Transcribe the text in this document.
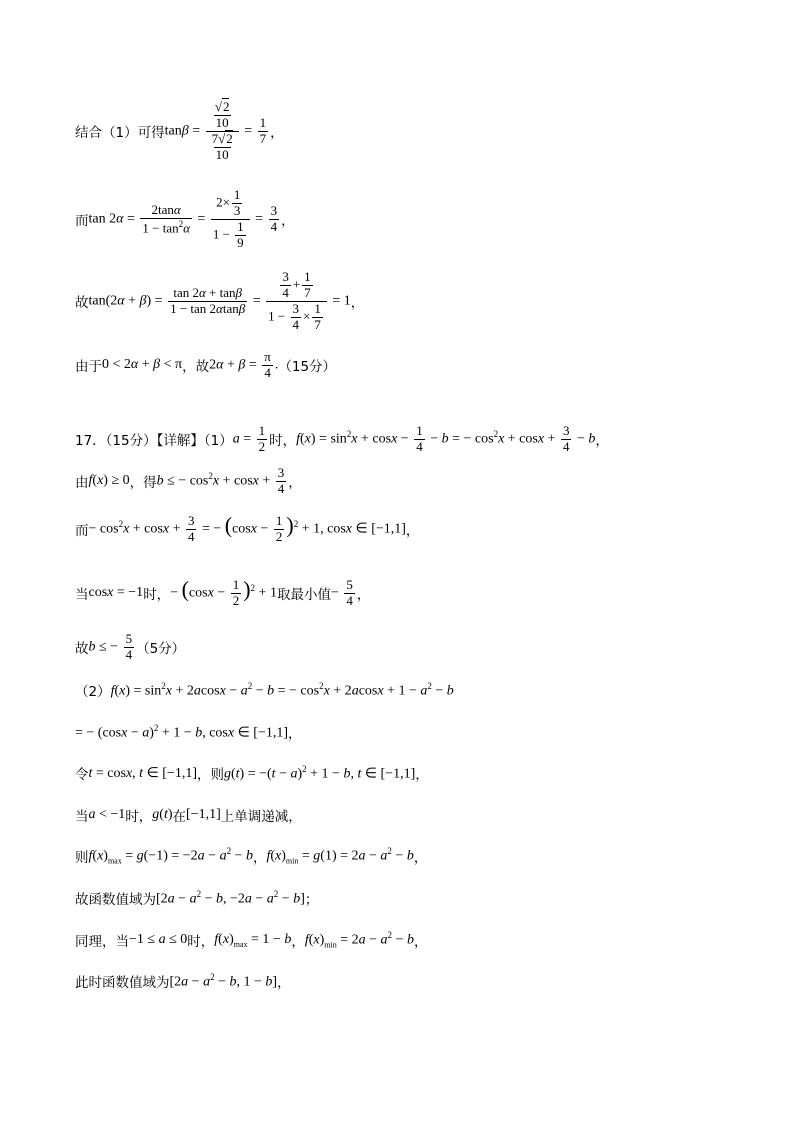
结合（1）可得 $\tan\beta = \frac{\frac{√2}{10}}{\frac{7√2}{10}} = \frac{1}{7}$ ，
而 $\tan 2\alpha = \frac{2\tan\alpha}{1 - \tan^2\alpha} = \frac{2\times \frac{1}{3}}{1 - \frac{1}{9}} = \frac{3}{4}$ ，
故 $\tan(2\alpha + \beta) = \frac{\tan 2\alpha + \tan\beta}{1 - \tan 2\alpha\tan\beta} = \frac{\frac{3}{4} + \frac{1}{7}}{1 - \frac{3}{4} \times \frac{1}{7}} = 1$ ，
由于 0 < 2α + β < π ，故 $2\alpha + \beta = \frac{\pi}{4}$ . （15分）
17．（15分）【详解】（1） $a = \frac{1}{2}$ 时， $f(x) = \sin^2x + \cos x - \frac{1}{4} - b$ = − $\cos^2x + \cos x + \frac{3}{4} - b$ ，
由 f(x) ≥ 0 ，得 b ≤ − $\cos^2x + \cos x + \frac{3}{4}$ ，
而 − $\cos^2x + \cos x + \frac{3}{4}$ = − $(\cos x - \frac{1}{2} )^2 + 1$, cosx ∈ [−1,1] ，
当 cosx = −1 时， − $(\cos x - \frac{1}{2} )^2 + 1$ 取最小值 − $\frac{5}{4}$ ，
故 b ≤ − $\frac{5}{4} (5$分）
（2） $f(x) = \sin^2x + 2acosx - a^2 - b$ = − $\cos^2x + 2acosx + 1 - a^2 - b$
= − $(\cos x - a)^2 + 1 - b$, cosx ∈ [−1,1] ，
令 t = cosx, t ∈ [−1,1] ，则 $g(t) = -(t - a)^2 + 1 - b$, t ∈ [−1,1] ，
当 a < −1 时， g(t) 在 [−1,1] 上单调递减，
则 $f(x)_{max} = g(-1) = -2a - a^2 - b$ ， $f(x)_{min} = g(1) = 2a - a^2 - b$ ，
故函数值域为 [$2a - a^2 - b$, $-2a - a^2 - b$] ；
同理，当 −1 ≤ a ≤ 0 时， $f(x)_{max} = 1 - b$ ， $f(x)_{min} = 2a - a^2 - b$ ，
此时函数值域为 [$2a - a^2 - b$, 1 − b] ，
